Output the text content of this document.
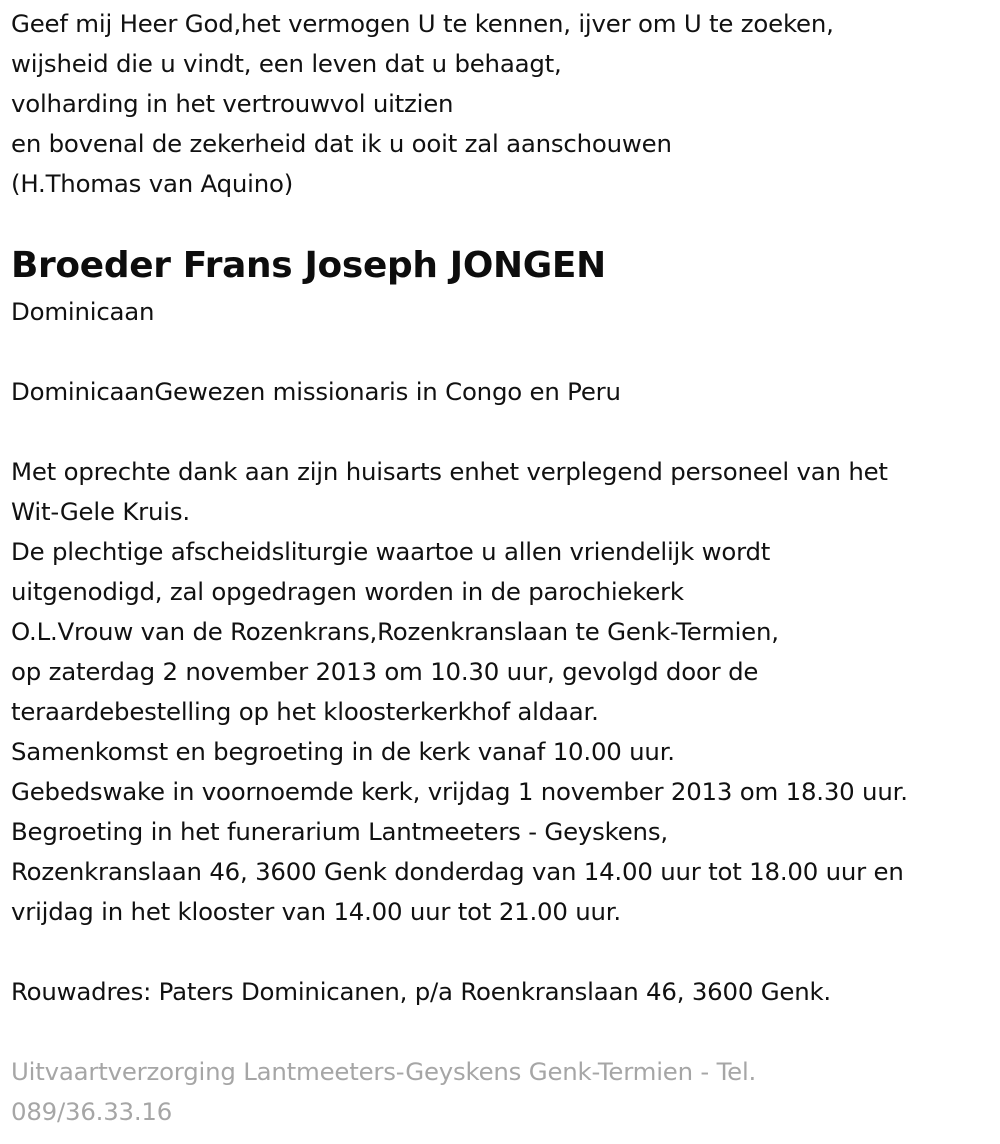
Geef mij Heer God,het vermogen U te kennen, ijver om U te zoeken,
wijsheid die u vindt, een leven dat u behaagt,
volharding in het vertrouwvol uitzien
en bovenal de zekerheid dat ik u ooit zal aanschouwen
(H.Thomas van Aquino)
Broeder Frans Joseph JONGEN
Dominicaan
DominicaanGewezen missionaris in Congo en Peru
Met oprechte dank aan zijn huisarts enhet verplegend personeel van het
Wit-Gele Kruis.
De plechtige afscheidsliturgie waartoe u allen vriendelijk wordt
uitgenodigd, zal opgedragen worden in de parochiekerk
O.L.Vrouw van de Rozenkrans,Rozenkranslaan te Genk-Termien,
op zaterdag 2 november 2013 om 10.30 uur, gevolgd door de
teraardebestelling op het kloosterkerkhof aldaar.
Samenkomst en begroeting in de kerk vanaf 10.00 uur.
Gebedswake in voornoemde kerk, vrijdag 1 november 2013 om 18.30 uur.
Begroeting in het funerarium Lantmeeters - Geyskens,
Rozenkranslaan 46, 3600 Genk donderdag van 14.00 uur tot 18.00 uur en
vrijdag in het klooster van 14.00 uur tot 21.00 uur.
Rouwadres: Paters Dominicanen, p/a Roenkranslaan 46, 3600 Genk.
Uitvaartverzorging Lantmeeters-Geyskens Genk-Termien - Tel.
089/36.33.16
